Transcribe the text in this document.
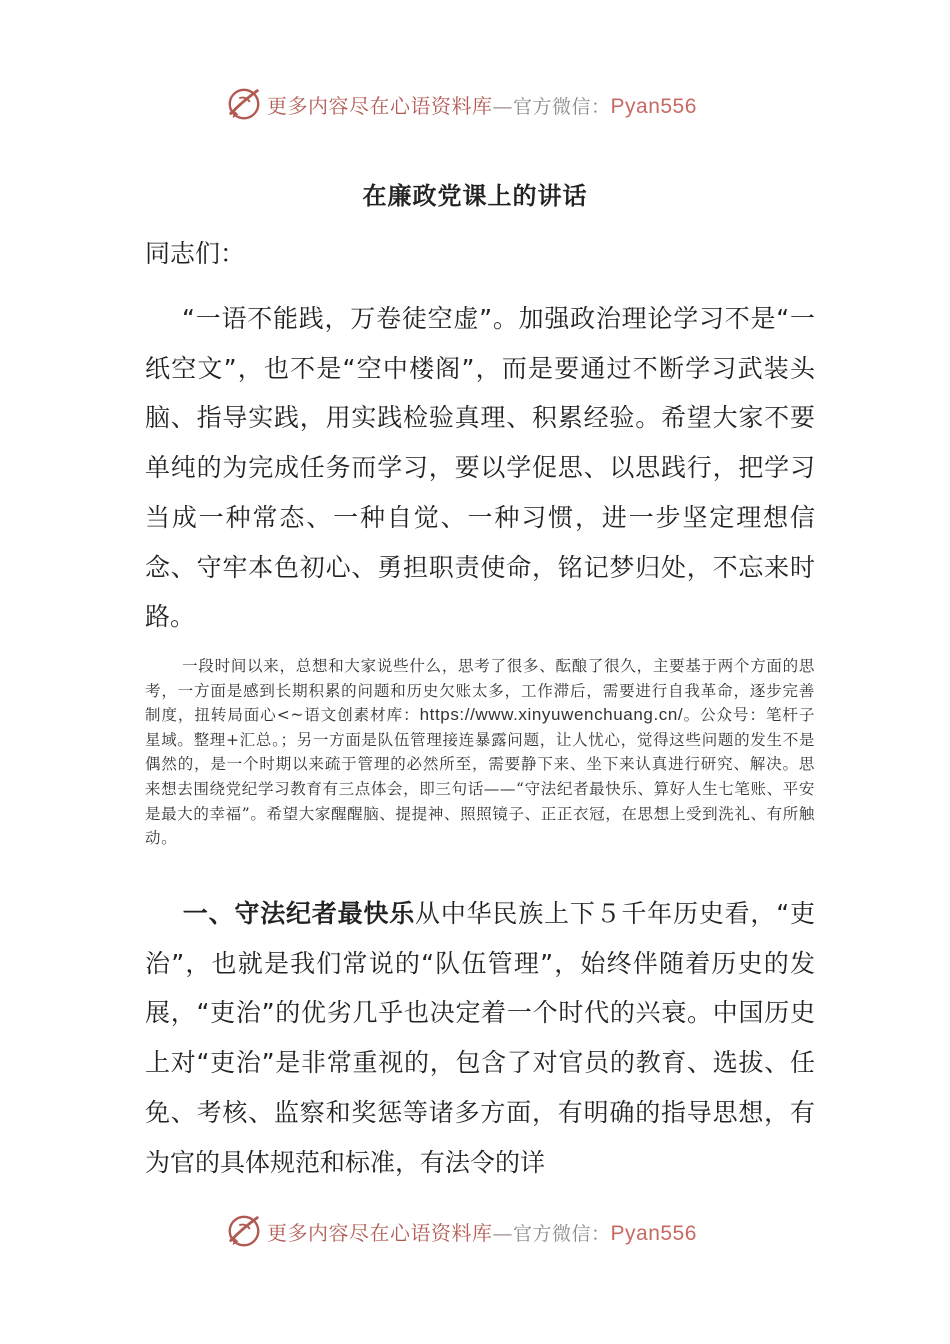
更多内容尽在心语资料库—官方微信：Pyan556
在廉政党课上的讲话
同志们：

“一语不能践，万卷徒空虚”。加强政治理论学习不是“一纸空文”，也不是“空中楼阁”，而是要通过不断学习武装头脑、指导实践，用实践检验真理、积累经验。希望大家不要单纯的为完成任务而学习，要以学促思、以思践行，把学习当成一种常态、一种自觉、一种习惯，进一步坚定理想信念、守牢本色初心、勇担职责使命，铭记梦归处，不忘来时路。

一段时间以来，总想和大家说些什么，思考了很多、酝酿了很久，主要基于两个方面的思考，一方面是感到长期积累的问题和历史欠账太多，工作滞后，需要进行自我革命，逐步完善制度，扭转局面心<~语文创素材库：https://www.xinyuwenchuang.cn/。公众号：笔杆子星域。整理+汇总。；另一方面是队伍管理接连暴露问题，让人忧心，觉得这些问题的发生不是偶然的，是一个时期以来疏于管理的必然所至，需要静下来、坐下来认真进行研究、解决。思来想去围绕党纪学习教育有三点体会，即三句话——“守法纪者最快乐、算好人生七笔账、平安是最大的幸福”。希望大家醒醒脑、提提神、照照镜子、正正衣冠，在思想上受到洗礼、有所触动。

一、守法纪者最快乐从中华民族上下５千年历史看，“吏治”，也就是我们常说的“队伍管理”，始终伴随着历史的发展，“吏治”的优劣几乎也决定着一个时代的兴衰。中国历史上对“吏治”是非常重视的，包含了对官员的教育、选拔、任免、考核、监察和奖惩等诸多方面，有明确的指导思想，有为官的具体规范和标准，有法令的详

更多内容尽在心语资料库—官方微信：Pyan556
